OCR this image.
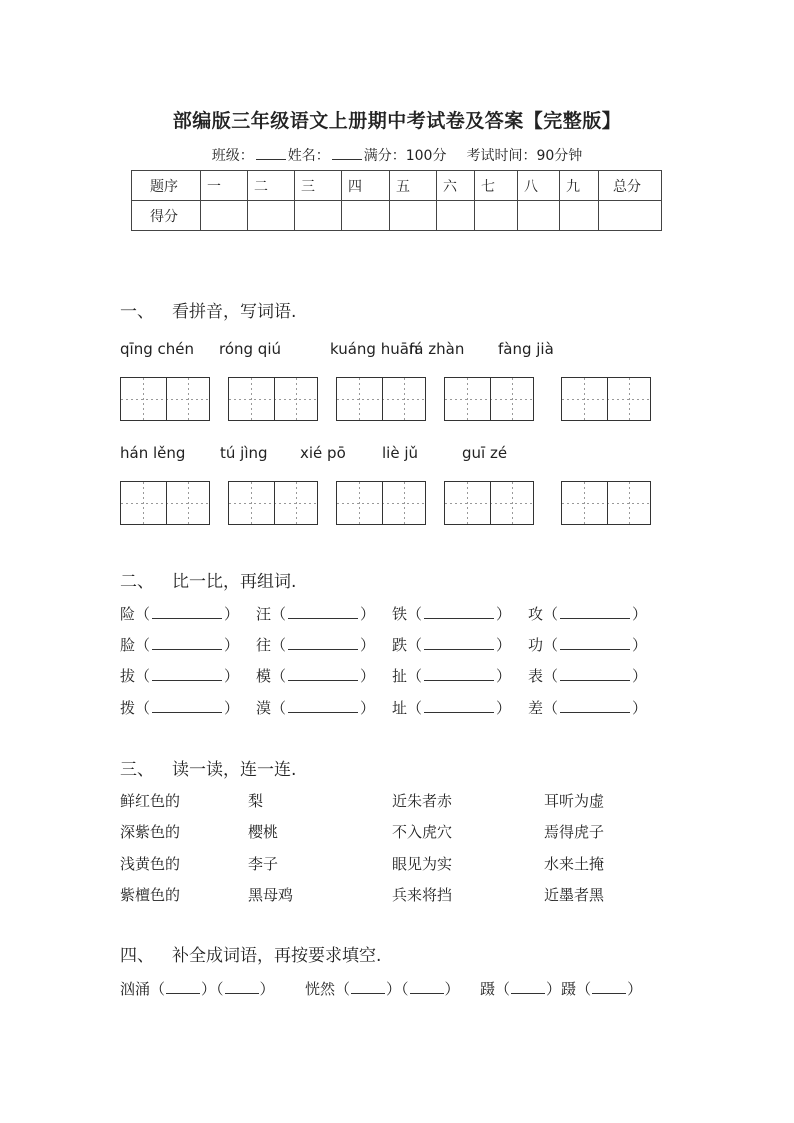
部编版三年级语文上册期中考试卷及答案【完整版】
班级： 姓名： 满分：100分 考试时间：90分钟
题序	一	二	三	四	五	六	七	八	九	总分
得分										
一、 看拼音，写词语.
qīng chén róng qiú	kuáng huān
fá zhàn fàng jià
hán lěng tú jìng xié pō liè jǔ	guī zé
二、 比一比，再组词.
险（	） 汪（	） 铁（	） 攻（	）
脸（	） 往（	） 跌（	） 功（	）
拔（	） 模（	） 扯（	） 表（	）
拨（	） 漠（	） 址（	） 差（	）
三、 读一读，连一连.
鲜红色的	梨	近朱者赤	耳听为虚
深紫色的	樱桃	不入虎穴	焉得虎子
浅黄色的	李子	眼见为实	水来土掩
紫檀色的	黑母鸡	兵来将挡	近墨者黑
四、 补全成词语，再按要求填空.
汹涌（ ）（ ） 恍然（ ）（ ） 蹑（ ）蹑（ ）
